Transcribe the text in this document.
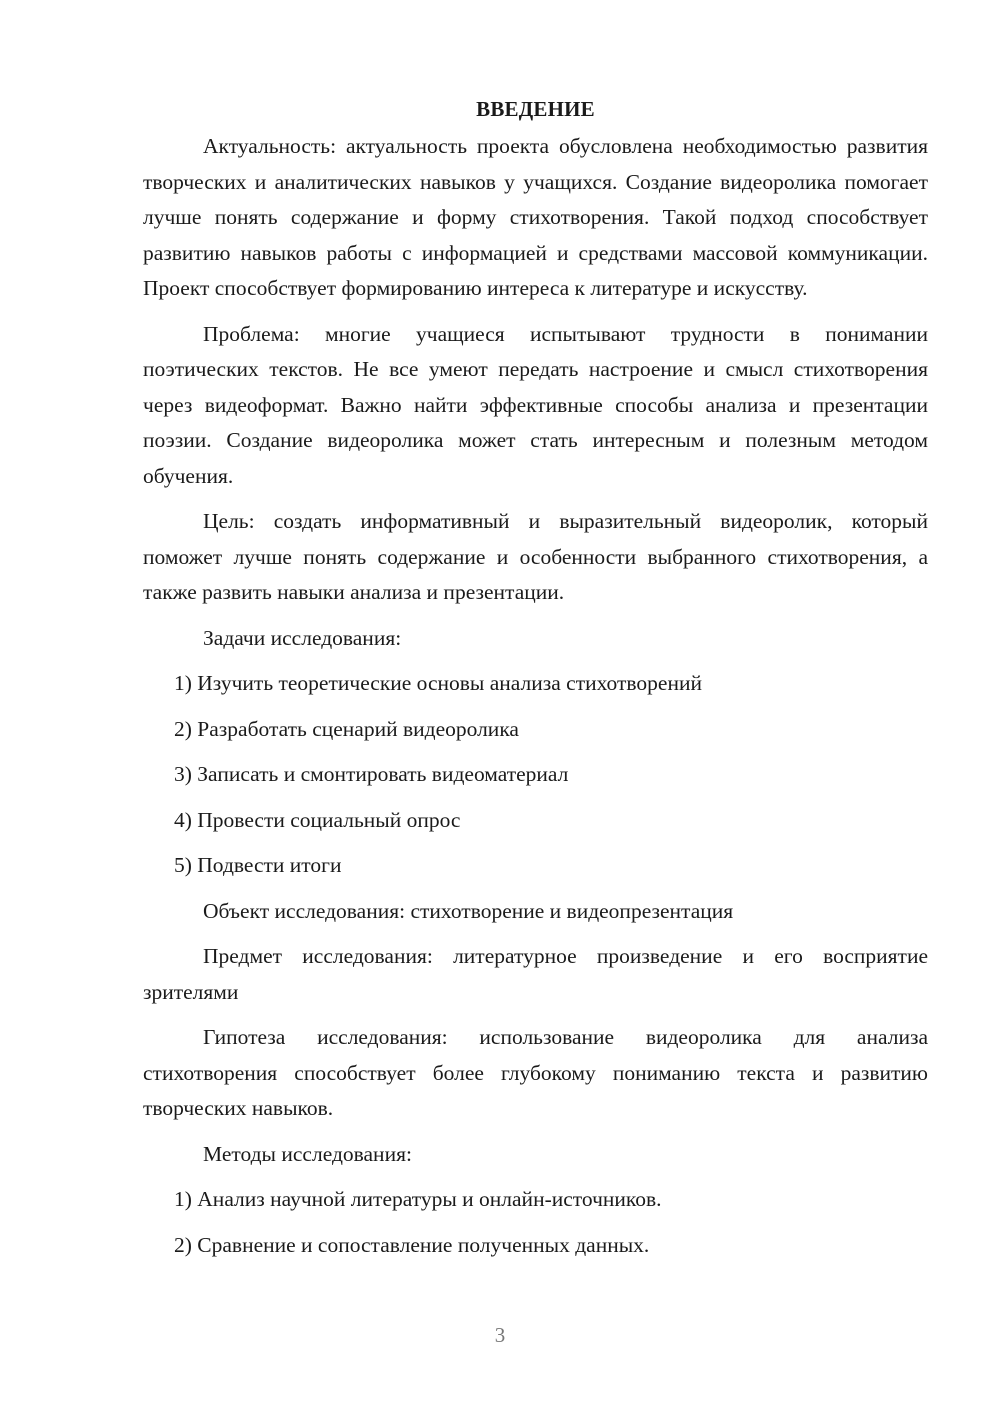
ВВЕДЕНИЕ

Актуальность: актуальность проекта обусловлена необходимостью развития творческих и аналитических навыков у учащихся. Создание видеоролика помогает лучше понять содержание и форму стихотворения. Такой подход способствует развитию навыков работы с информацией и средствами массовой коммуникации. Проект способствует формированию интереса к литературе и искусству.

Проблема: многие учащиеся испытывают трудности в понимании поэтических текстов. Не все умеют передать настроение и смысл стихотворения через видеоформат. Важно найти эффективные способы анализа и презентации поэзии. Создание видеоролика может стать интересным и полезным методом обучения.

Цель: создать информативный и выразительный видеоролик, который поможет лучше понять содержание и особенности выбранного стихотворения, а также развить навыки анализа и презентации.

Задачи исследования:

1) Изучить теоретические основы анализа стихотворений
2) Разработать сценарий видеоролика
3) Записать и смонтировать видеоматериал
4) Провести социальный опрос
5) Подвести итоги

Объект исследования: стихотворение и видеопрезентация

Предмет исследования: литературное произведение и его восприятие зрителями

Гипотеза исследования: использование видеоролика для анализа стихотворения способствует более глубокому пониманию текста и развитию творческих навыков.

Методы исследования:

1) Анализ научной литературы и онлайн-источников.
2) Сравнение и сопоставление полученных данных.
3
